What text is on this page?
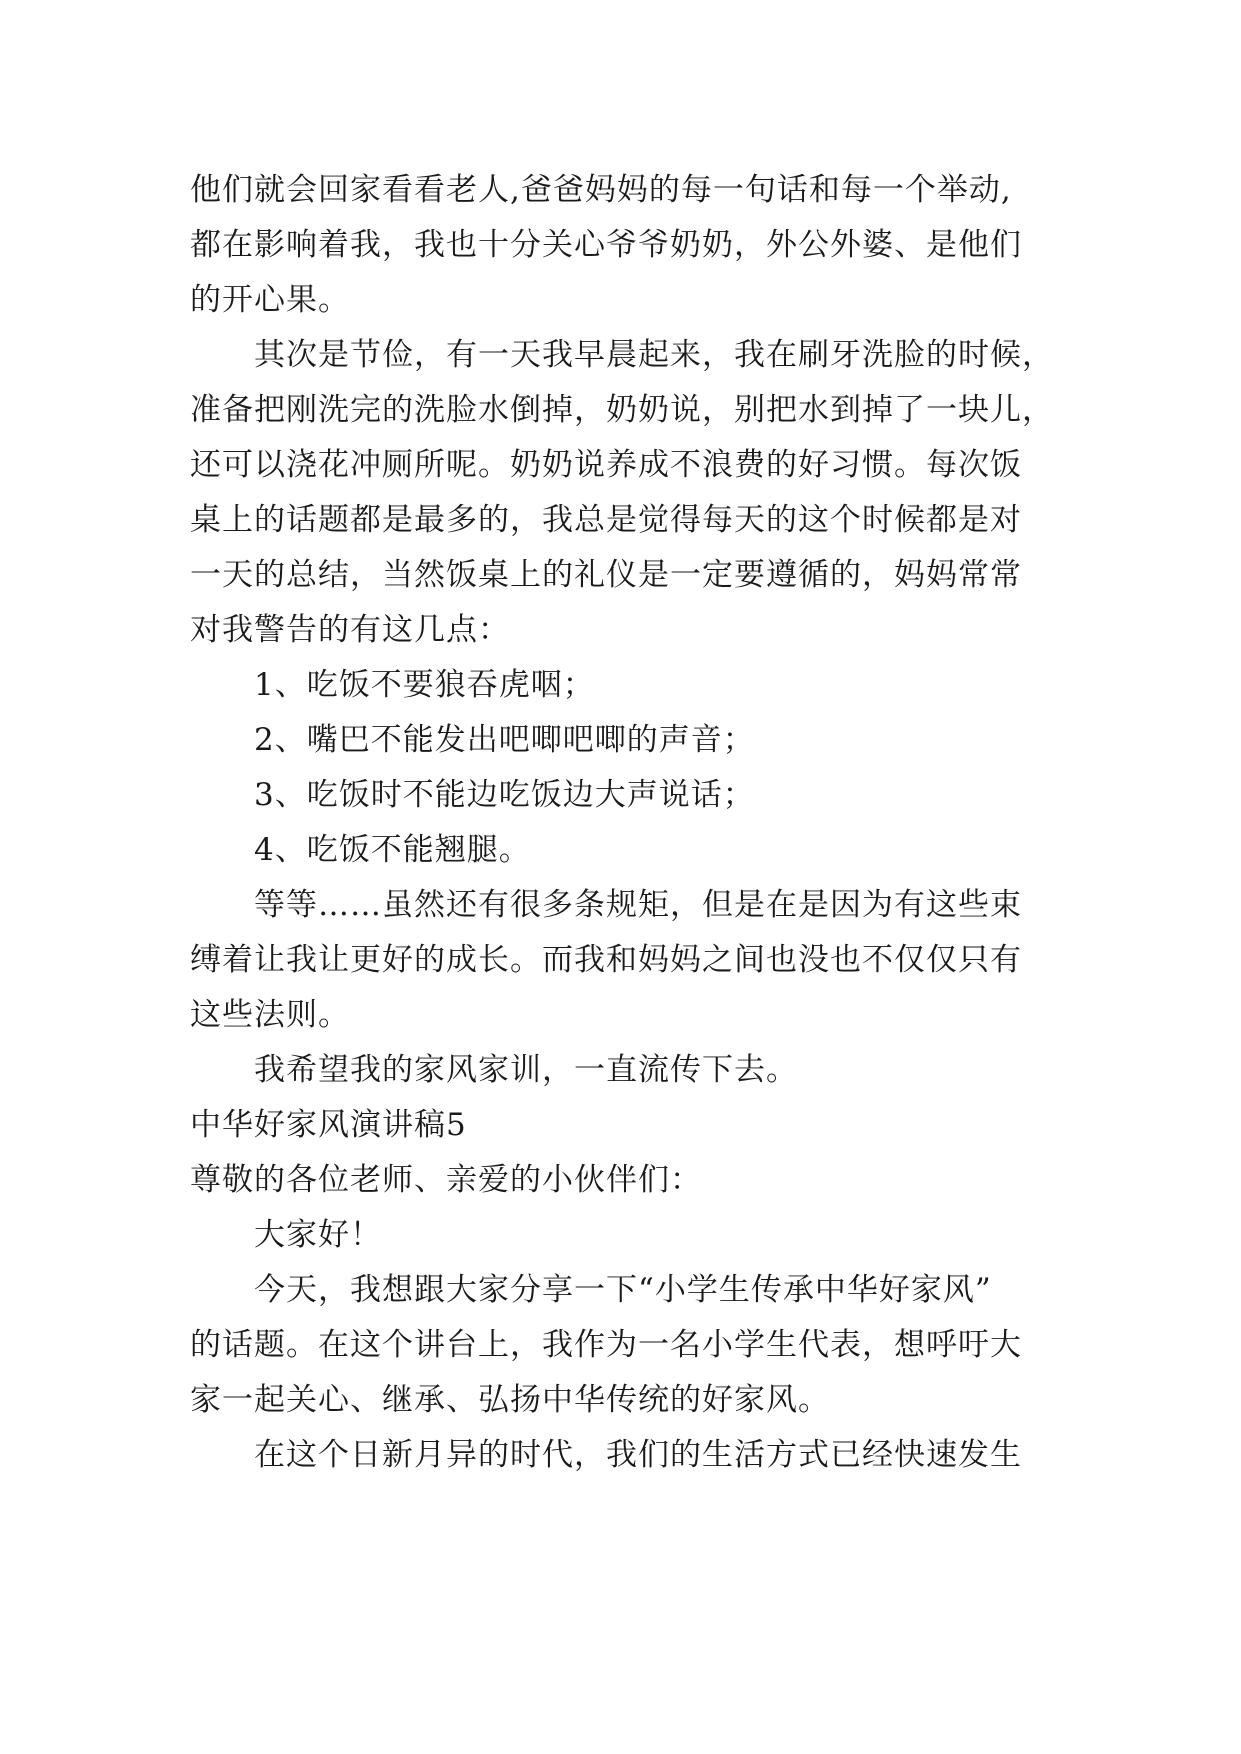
他们就会回家看看老人,爸爸妈妈的每一句话和每一个举动,
都在影响着我，我也十分关心爷爷奶奶，外公外婆、是他们
的开心果。
其次是节俭，有一天我早晨起来，我在刷牙洗脸的时候，
准备把刚洗完的洗脸水倒掉，奶奶说，别把水到掉了一块儿，
还可以浇花冲厕所呢。奶奶说养成不浪费的好习惯。每次饭
桌上的话题都是最多的，我总是觉得每天的这个时候都是对
一天的总结，当然饭桌上的礼仪是一定要遵循的，妈妈常常
对我警告的有这几点：
1、吃饭不要狼吞虎咽；
2、嘴巴不能发出吧唧吧唧的声音；
3、吃饭时不能边吃饭边大声说话；
4、吃饭不能翘腿。
等等……虽然还有很多条规矩，但是在是因为有这些束
缚着让我让更好的成长。而我和妈妈之间也没也不仅仅只有
这些法则。
我希望我的家风家训，一直流传下去。
中华好家风演讲稿5
尊敬的各位老师、亲爱的小伙伴们：
大家好！
今天，我想跟大家分享一下“小学生传承中华好家风”
的话题。在这个讲台上，我作为一名小学生代表，想呼吁大
家一起关心、继承、弘扬中华传统的好家风。
在这个日新月异的时代，我们的生活方式已经快速发生
